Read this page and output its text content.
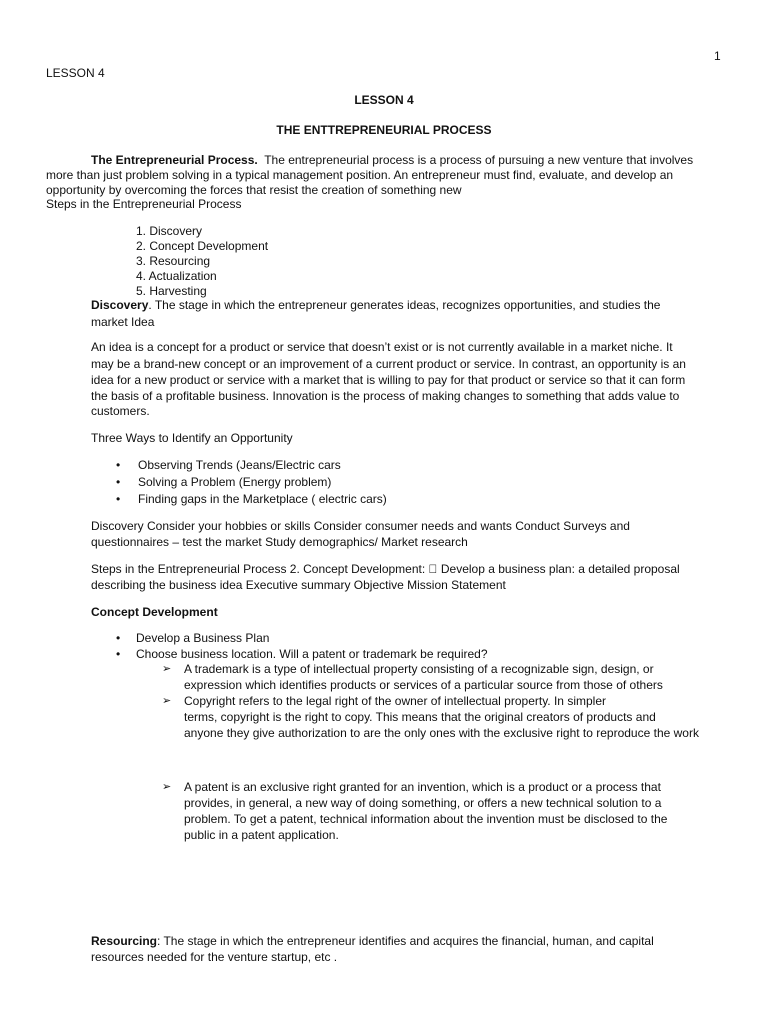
1
LESSON 4
LESSON 4
THE ENTTREPRENEURIAL PROCESS
The Entrepreneurial Process. The entrepreneurial process is a process of pursuing a new venture that involves
more than just problem solving in a typical management position. An entrepreneur must find, evaluate, and develop an
opportunity by overcoming the forces that resist the creation of something new
Steps in the Entrepreneurial Process
1. Discovery
2. Concept Development
3. Resourcing
4. Actualization
5. Harvesting
Discovery. The stage in which the entrepreneur generates ideas, recognizes opportunities, and studies the
market Idea
An idea is a concept for a product or service that doesn’t exist or is not currently available in a market niche. It
may be a brand-new concept or an improvement of a current product or service. In contrast, an opportunity is an
idea for a new product or service with a market that is willing to pay for that product or service so that it can form
the basis of a profitable business. Innovation is the process of making changes to something that adds value to
customers.
Three Ways to Identify an Opportunity
• Observing Trends (Jeans/Electric cars
• Solving a Problem (Energy problem)
• Finding gaps in the Marketplace ( electric cars)
Discovery Consider your hobbies or skills Consider consumer needs and wants Conduct Surveys and
questionnaires – test the market Study demographics/ Market research
Steps in the Entrepreneurial Process 2. Concept Development: Develop a business plan: a detailed proposal
describing the business idea Executive summary Objective Mission Statement
Concept Development
• Develop a Business Plan
• Choose business location. Will a patent or trademark be required?
➢ A trademark is a type of intellectual property consisting of a recognizable sign, design, or
expression which identifies products or services of a particular source from those of others
➢ Copyright refers to the legal right of the owner of intellectual property. In simpler
terms, copyright is the right to copy. This means that the original creators of products and
anyone they give authorization to are the only ones with the exclusive right to reproduce the work
➢ A patent is an exclusive right granted for an invention, which is a product or a process that
provides, in general, a new way of doing something, or offers a new technical solution to a
problem. To get a patent, technical information about the invention must be disclosed to the
public in a patent application.
Resourcing: The stage in which the entrepreneur identifies and acquires the financial, human, and capital
resources needed for the venture startup, etc .
